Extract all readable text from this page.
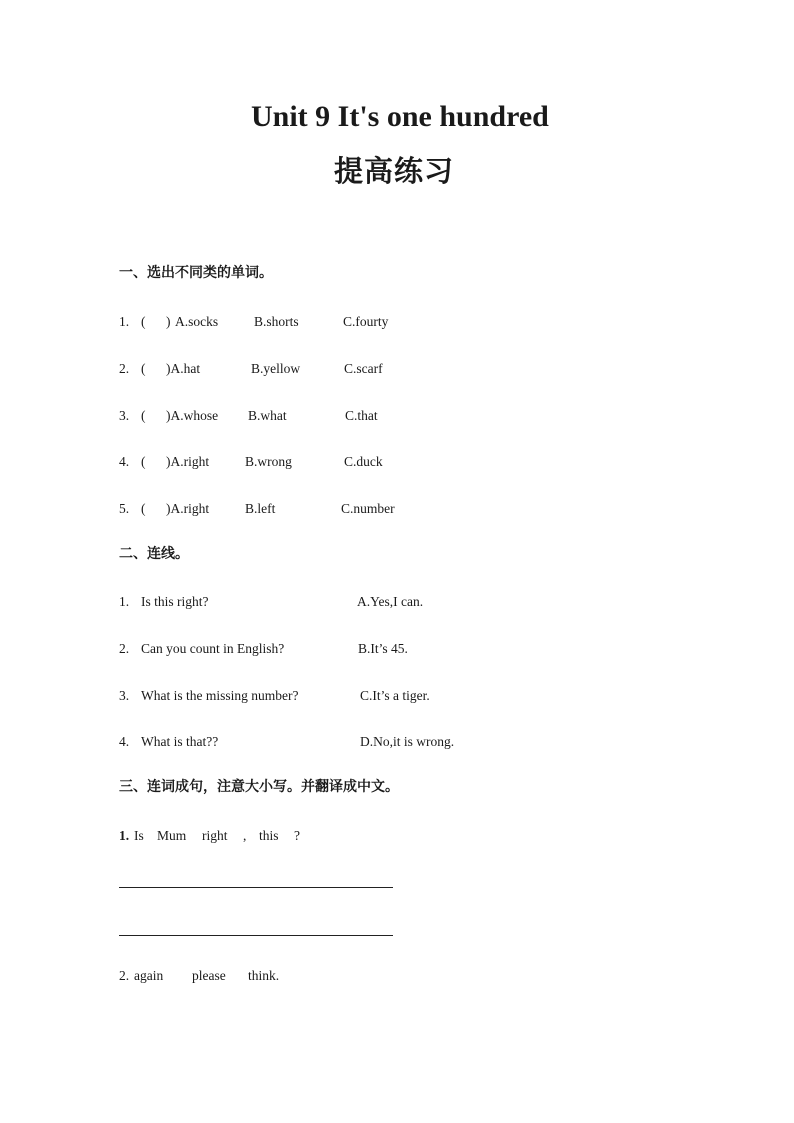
Unit 9 It's one hundred
提高练习
一、选出不同类的单词。
1. ( ) A.socks	B.shorts	C.fourty
2. ( )A.hat	B.yellow	C.scarf
3. ( )A.whose B.what	C.that
4. ( )A.right	B.wrong	C.duck
5. ( )A.right	B.left	C.number
二、连线。
1. Is this right?	A.Yes,I can.
2. Can you count in English?	B.It’s 45.
3. What is the missing number?	C.It’s a tiger.
4. What is that??	D.No,it is wrong.
三、连词成句，注意大小写。并翻译成中文。
1. Is Mum right , this ?
2. again please think.
